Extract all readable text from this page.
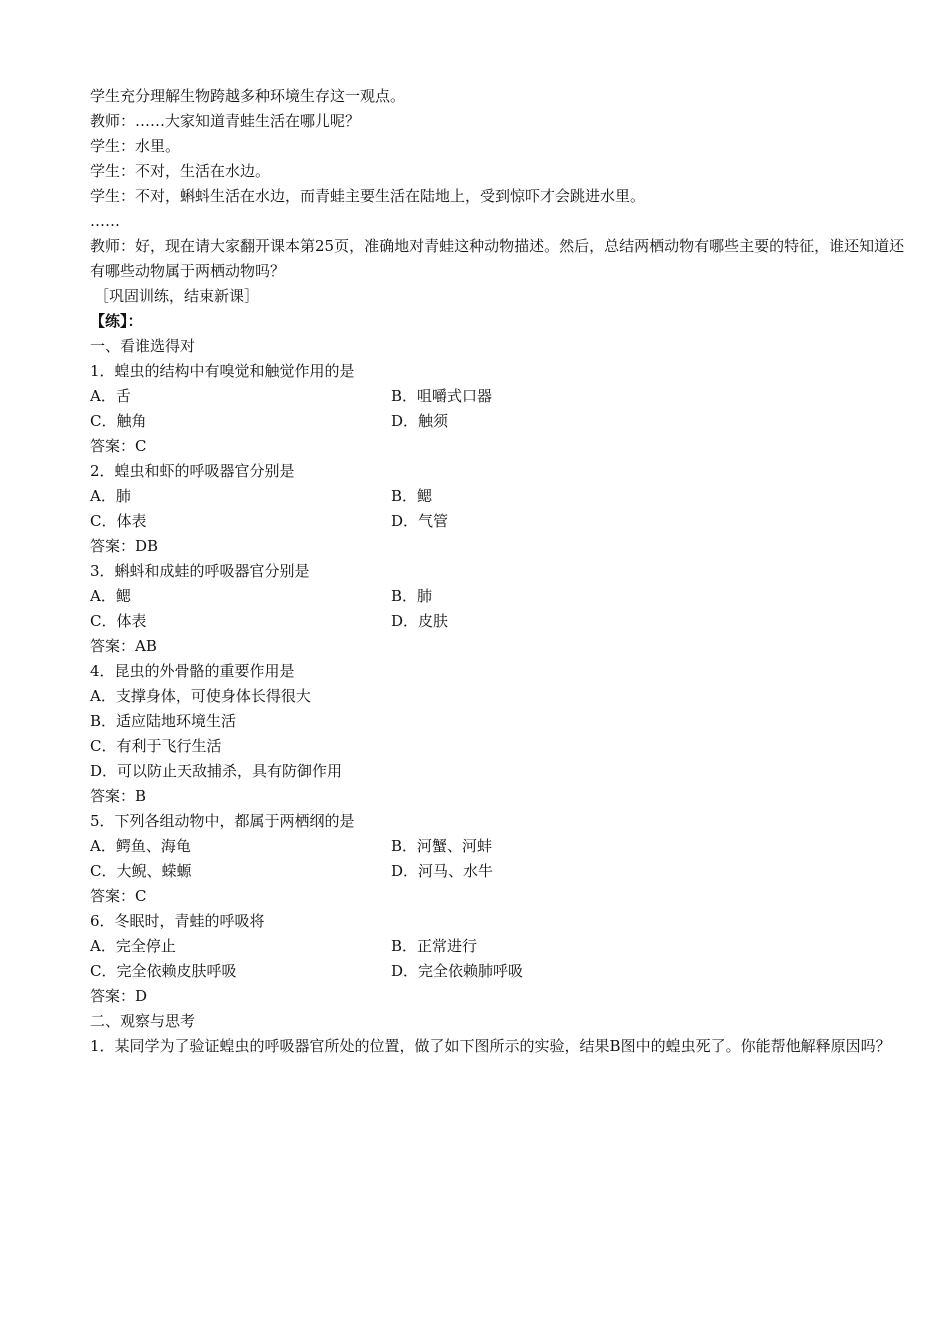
学生充分理解生物跨越多种环境生存这一观点。
教师：……大家知道青蛙生活在哪儿呢？
学生：水里。
学生：不对，生活在水边。
学生：不对，蝌蚪生活在水边，而青蛙主要生活在陆地上，受到惊吓才会跳进水里。
……
教师：好，现在请大家翻开课本第25页，准确地对青蛙这种动物描述。然后，总结两栖动物有哪些主要的特征，谁还知道还有哪些动物属于两栖动物吗？
［巩固训练，结束新课］
【练】：
一、看谁选得对
1．蝗虫的结构中有嗅觉和触觉作用的是
A．舌	B．咀嚼式口器
C．触角	D．触须
答案：C
2．蝗虫和虾的呼吸器官分别是
A．肺	B．鳃
C．体表	D．气管
答案：DB
3．蝌蚪和成蛙的呼吸器官分别是
A．鳃	B．肺
C．体表	D．皮肤
答案：AB
4．昆虫的外骨骼的重要作用是
A．支撑身体，可使身体长得很大
B．适应陆地环境生活
C．有利于飞行生活
D．可以防止天敌捕杀，具有防御作用
答案：B
5．下列各组动物中，都属于两栖纲的是
A．鳄鱼、海龟	B．河蟹、河蚌
C．大鲵、蝾螈	D．河马、水牛
答案：C
6．冬眠时，青蛙的呼吸将
A．完全停止	B．正常进行
C．完全依赖皮肤呼吸	D．完全依赖肺呼吸
答案：D
二、观察与思考
1．某同学为了验证蝗虫的呼吸器官所处的位置，做了如下图所示的实验，结果B图中的蝗虫死了。你能帮他解释原因吗？
